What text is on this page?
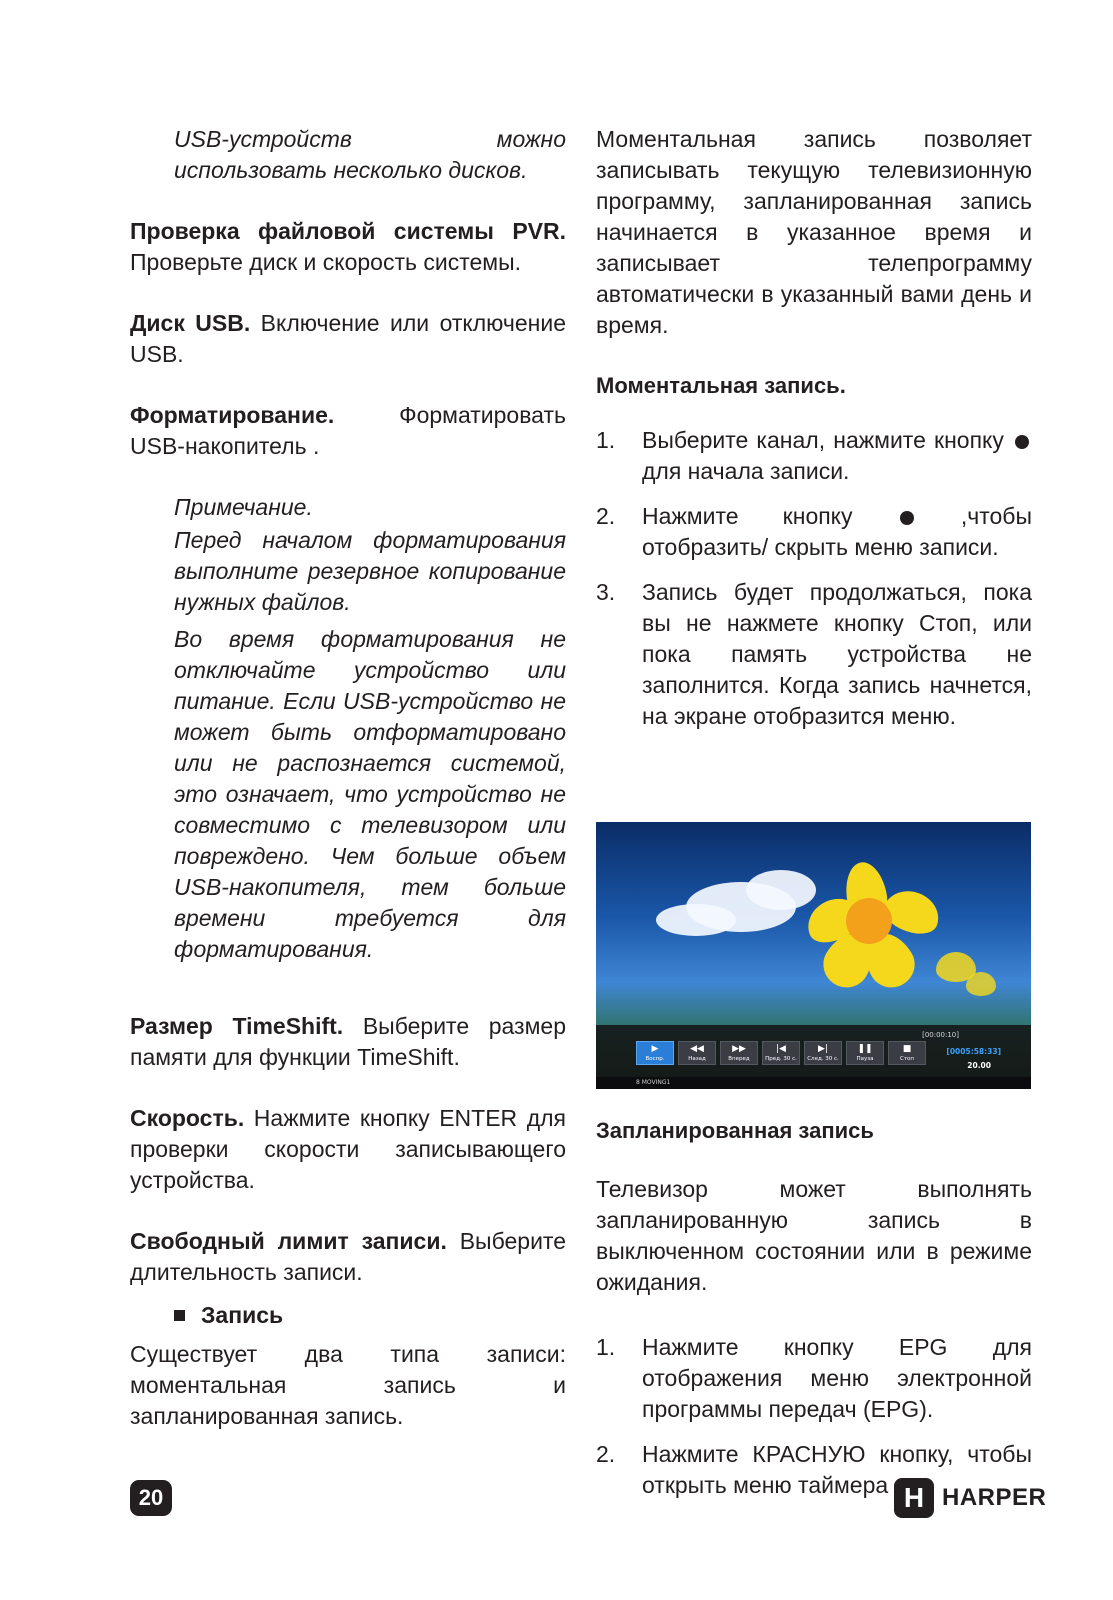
USB-устройств можно использовать несколько дисков.

Проверка файловой системы PVR. Проверьте диск и скорость системы.

Диск USB. Включение или отключение USB.

Форматирование.	Форматировать USB-накопитель .

Примечание.

Перед началом форматирования выполните резервное копирование нужных файлов.

Во время форматирования не отключайте устройство или питание. Если USB-устройство не может быть отформатировано или не распознается системой, это означает, что устройство не совместимо с телевизором или повреждено. Чем больше объем USB-накопителя, тем больше времени требуется для форматирования.

Размер TimeShift. Выберите размер памяти для функции TimeShift.

Скорость. Нажмите кнопку ENTER для проверки скорости записывающего устройства.

Свободный лимит записи. Выберите длительность записи.

Запись

Существует два типа записи: моментальная запись и запланированная запись.

Моментальная запись позволяет записывать текущую телевизионную программу, запланированная запись начинается в указанное время и записывает телепрограмму автоматически в указанный вами день и время.

Моментальная запись.

1.	Выберите канал, нажмите кнопку  для начала записи.
2.	Нажмите кнопку	,чтобы отобразить/ скрыть меню записи.
3.	Запись будет продолжаться, пока вы не нажмете кнопку Стоп, или пока память устройства не заполнится. Когда запись начнется, на экране отобразится меню.
[00:00:10]
▶
Воспр.
◀◀
Назад
▶▶
Вперед
|◀
Пред. 30 с.
▶|
След. 30 с.
❚❚
Пауза
■
Стоп
[0005:58:33]
20.00
8 MOVING1

Запланированная запись

Телевизор может выполнять запланированную запись в выключенном состоянии или в режиме ожидания.

1.	Нажмите кнопку EPG для отображения меню электронной программы передач (EPG).
2.	Нажмите КРАСНУЮ кнопку, чтобы открыть меню таймера
20	H HARPER
